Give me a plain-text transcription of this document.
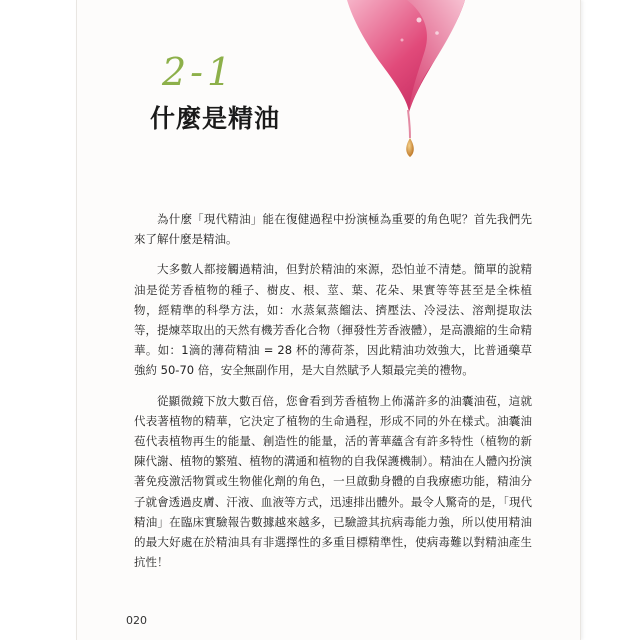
2-1
什麼是精油

為什麼「現代精油」能在復健過程中扮演極為重要的角色呢？首先我們先來了解什麼是精油。

大多數人都接觸過精油，但對於精油的來源，恐怕並不清楚。簡單的說精油是從芳香植物的種子、樹皮、根、莖、葉、花朵、果實等等甚至是全株植物，經精準的科學方法，如：水蒸氣蒸餾法、擠壓法、冷浸法、溶劑提取法等，提煉萃取出的天然有機芳香化合物（揮發性芳香液體），是高濃縮的生命精華。如：1滴的薄荷精油 = 28 杯的薄荷茶，因此精油功效強大，比普通藥草強約 50-70 倍，安全無副作用，是大自然賦予人類最完美的禮物。

從顯微鏡下放大數百倍，您會看到芳香植物上佈滿許多的油囊油苞，這就代表著植物的精華，它決定了植物的生命過程，形成不同的外在樣式。油囊油苞代表植物再生的能量、創造性的能量，活的菁華蘊含有許多特性（植物的新陳代謝、植物的繁殖、植物的溝通和植物的自我保護機制）。精油在人體內扮演著免疫激活物質或生物催化劑的角色，一旦啟動身體的自我療癒功能，精油分子就會透過皮膚、汗液、血液等方式，迅速排出體外。最令人驚奇的是，「現代精油」在臨床實驗報告數據越來越多，已驗證其抗病毒能力強，所以使用精油的最大好處在於精油具有非選擇性的多重目標精準性，使病毒難以對精油產生抗性！

020
